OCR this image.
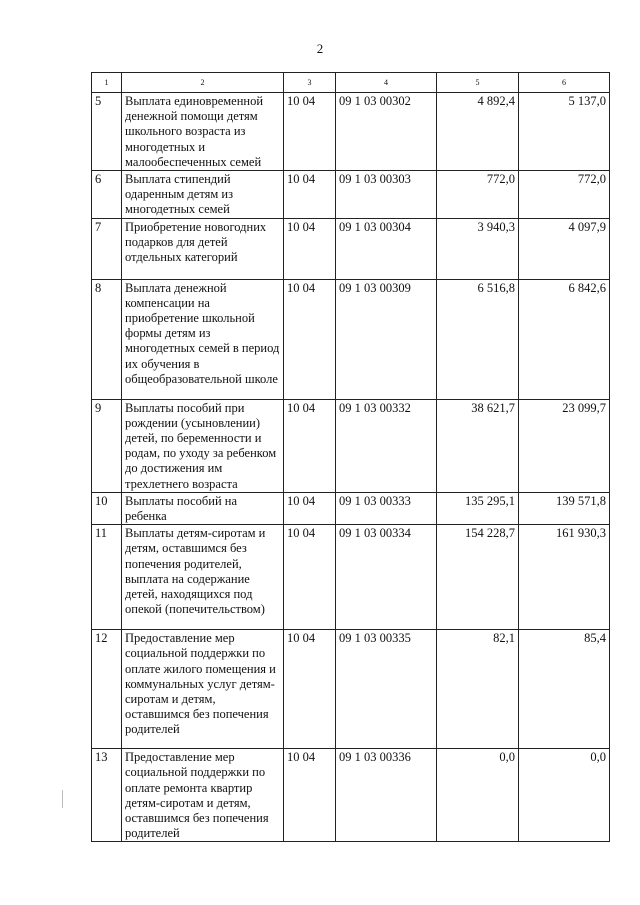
2
1	2	3	4	5	6
5	Выплата единовременной денежной помощи детям школьного возраста из многодетных и малообеспеченных семей	10 04	09 1 03 00302	4 892,4	5 137,0
6	Выплата стипендий одаренным детям из многодетных семей	10 04	09 1 03 00303	772,0	772,0
7	Приобретение новогодних подарков для детей отдельных категорий	10 04	09 1 03 00304	3 940,3	4 097,9
8	Выплата денежной компенсации на приобретение школьной формы детям из многодетных семей в период их обучения в общеобразовательной школе	10 04	09 1 03 00309	6 516,8	6 842,6
9	Выплаты пособий при рождении (усыновлении) детей, по беременности и родам, по уходу за ребенком до достижения им трехлетнего возраста	10 04	09 1 03 00332	38 621,7	23 099,7
10	Выплаты пособий на ребенка	10 04	09 1 03 00333	135 295,1	139 571,8
11	Выплаты детям-сиротам и детям, оставшимся без попечения родителей, выплата на содержание детей, находящихся под опекой (попечительством)	10 04	09 1 03 00334	154 228,7	161 930,3
12	Предоставление мер социальной поддержки по оплате жилого помещения и коммунальных услуг детям-сиротам и детям, оставшимся без попечения родителей	10 04	09 1 03 00335	82,1	85,4
13	Предоставление мер социальной поддержки по оплате ремонта квартир детям-сиротам и детям, оставшимся без попечения родителей	10 04	09 1 03 00336	0,0	0,0
